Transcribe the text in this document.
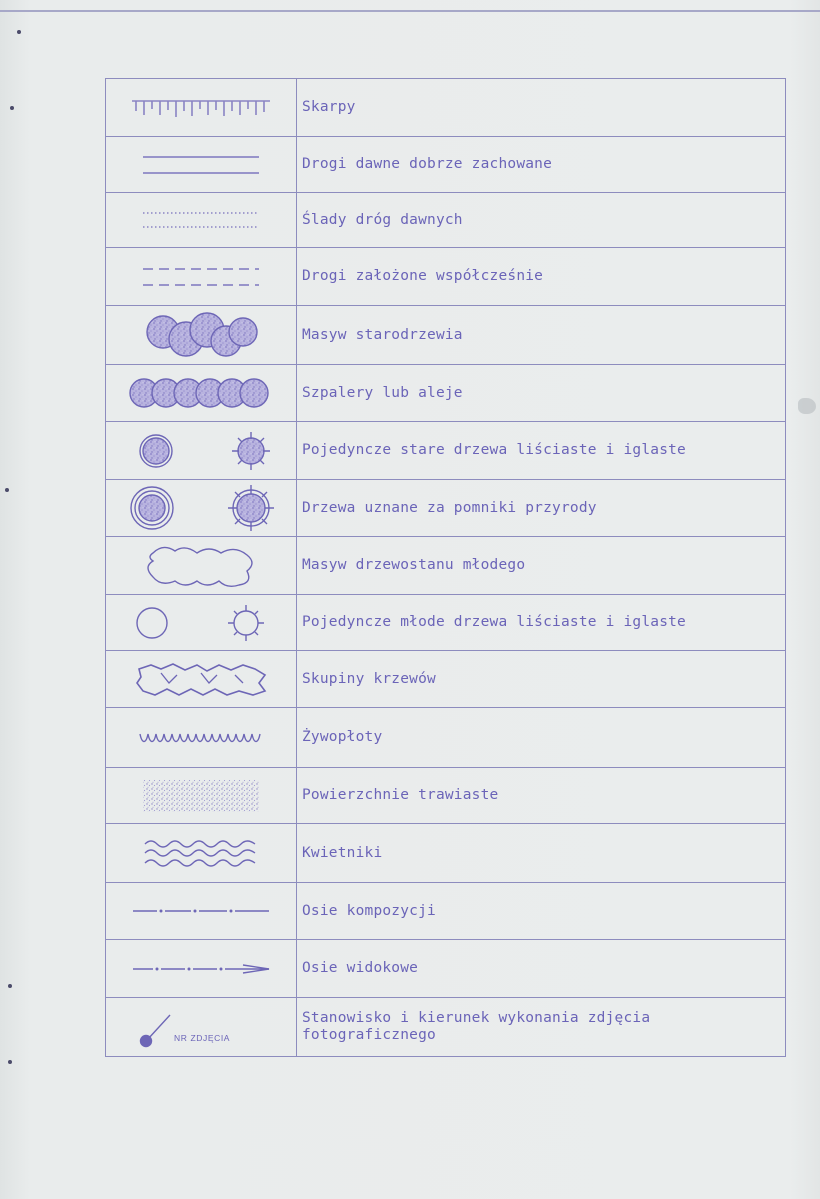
	Skarpy

	Drogi dawne dobrze zachowane

	Ślady dróg dawnych

	Drogi założone współcześnie

	Masyw starodrzewia

	Szpalery lub aleje

	Pojedyncze stare drzewa liściaste i iglaste

	Drzewa uznane za pomniki przyrody

	Masyw drzewostanu młodego

	Pojedyncze młode drzewa liściaste i iglaste

	Skupiny krzewów

	Żywopłoty

	Powierzchnie trawiaste

	Kwietniki

	Osie kompozycji

	Osie widokowe

NR ZDJĘCIA	Stanowisko i kierunek wykonania zdjęcia fotograficznego
